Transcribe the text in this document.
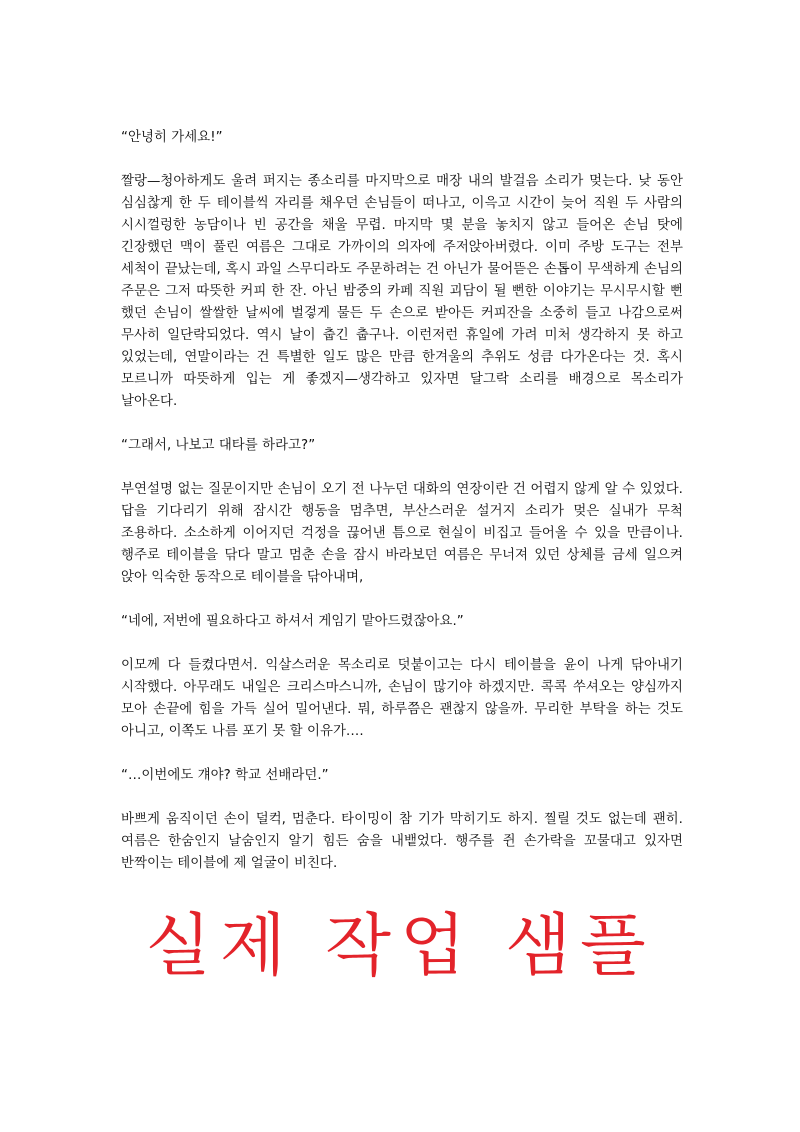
“안녕히 가세요!”

짤랑—청아하게도 울려 퍼지는 종소리를 마지막으로 매장 내의 발걸음 소리가 멎는다. 낮 동안 심심찮게 한 두 테이블씩 자리를 채우던 손님들이 떠나고, 이윽고 시간이 늦어 직원 두 사람의 시시껄렁한 농담이나 빈 공간을 채울 무렵. 마지막 몇 분을 놓치지 않고 들어온 손님 탓에 긴장했던 맥이 풀린 여름은 그대로 가까이의 의자에 주저앉아버렸다. 이미 주방 도구는 전부 세척이 끝났는데, 혹시 과일 스무디라도 주문하려는 건 아닌가 물어뜯은 손톱이 무색하게 손님의 주문은 그저 따뜻한 커피 한 잔. 아닌 밤중의 카페 직원 괴담이 될 뻔한 이야기는 무시무시할 뻔 했던 손님이 쌀쌀한 날씨에 벌겋게 물든 두 손으로 받아든 커피잔을 소중히 들고 나감으로써 무사히 일단락되었다. 역시 날이 춥긴 춥구나. 이런저런 휴일에 가려 미처 생각하지 못 하고 있었는데, 연말이라는 건 특별한 일도 많은 만큼 한겨울의 추위도 성큼 다가온다는 것. 혹시 모르니까 따뜻하게 입는 게 좋겠지—생각하고 있자면 달그락 소리를 배경으로 목소리가 날아온다.

“그래서, 나보고 대타를 하라고?”

부연설명 없는 질문이지만 손님이 오기 전 나누던 대화의 연장이란 건 어렵지 않게 알 수 있었다. 답을 기다리기 위해 잠시간 행동을 멈추면, 부산스러운 설거지 소리가 멎은 실내가 무척 조용하다. 소소하게 이어지던 걱정을 끊어낸 틈으로 현실이 비집고 들어올 수 있을 만큼이나. 행주로 테이블을 닦다 말고 멈춘 손을 잠시 바라보던 여름은 무너져 있던 상체를 금세 일으켜 앉아 익숙한 동작으로 테이블을 닦아내며,

“네에, 저번에 필요하다고 하셔서 게임기 맡아드렸잖아요.”

이모께 다 들켰다면서. 익살스러운 목소리로 덧붙이고는 다시 테이블을 윤이 나게 닦아내기 시작했다. 아무래도 내일은 크리스마스니까, 손님이 많기야 하겠지만. 콕콕 쑤셔오는 양심까지 모아 손끝에 힘을 가득 실어 밀어낸다. 뭐, 하루쯤은 괜찮지 않을까. 무리한 부탁을 하는 것도 아니고, 이쪽도 나름 포기 못 할 이유가….

“…이번에도 걔야? 학교 선배라던.”

바쁘게 움직이던 손이 덜컥, 멈춘다. 타이밍이 참 기가 막히기도 하지. 찔릴 것도 없는데 괜히. 여름은 한숨인지 날숨인지 알기 힘든 숨을 내뱉었다. 행주를 쥔 손가락을 꼬물대고 있자면 반짝이는 테이블에 제 얼굴이 비친다.

실제 작업 샘플
